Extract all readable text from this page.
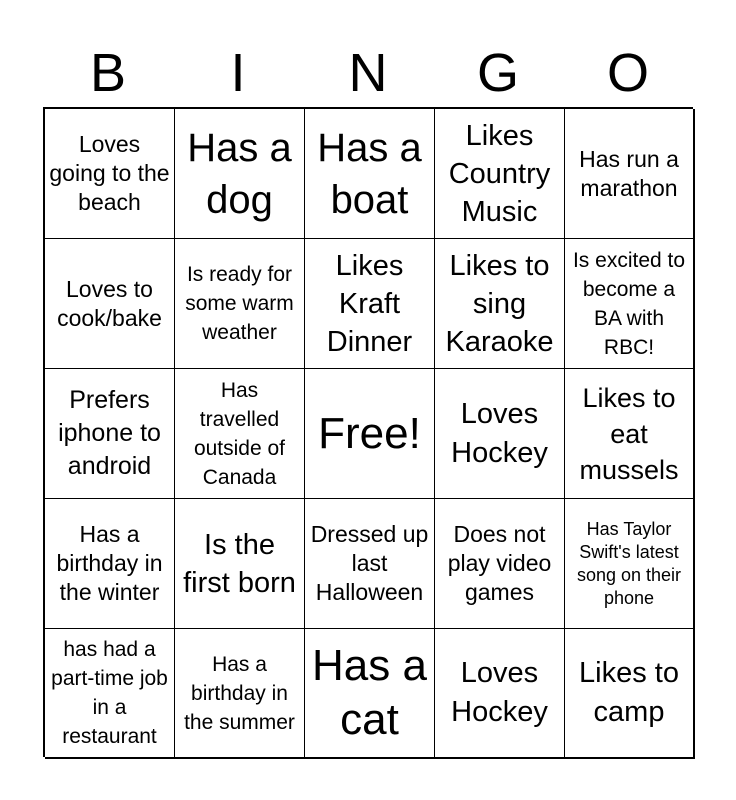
B	I	N	G	O
Loves going to the beach
Has a dog
Has a boat
Likes Country Music
Has run a marathon
Loves to cook/bake
Is ready for some warm weather
Likes Kraft Dinner
Likes to sing Karaoke
Is excited to become a BA with RBC!
Prefers iphone to android
Has travelled outside of Canada
Free!	Loves Hockey
Likes to eat mussels
Has a birthday in the winter
Is the first born
Dressed up last Halloween
Does not play video games
Has Taylor Swift's latest song on their phone
has had a part-time job in a restaurant
Has a birthday in the summer
Has a cat
Loves Hockey
Likes to camp
